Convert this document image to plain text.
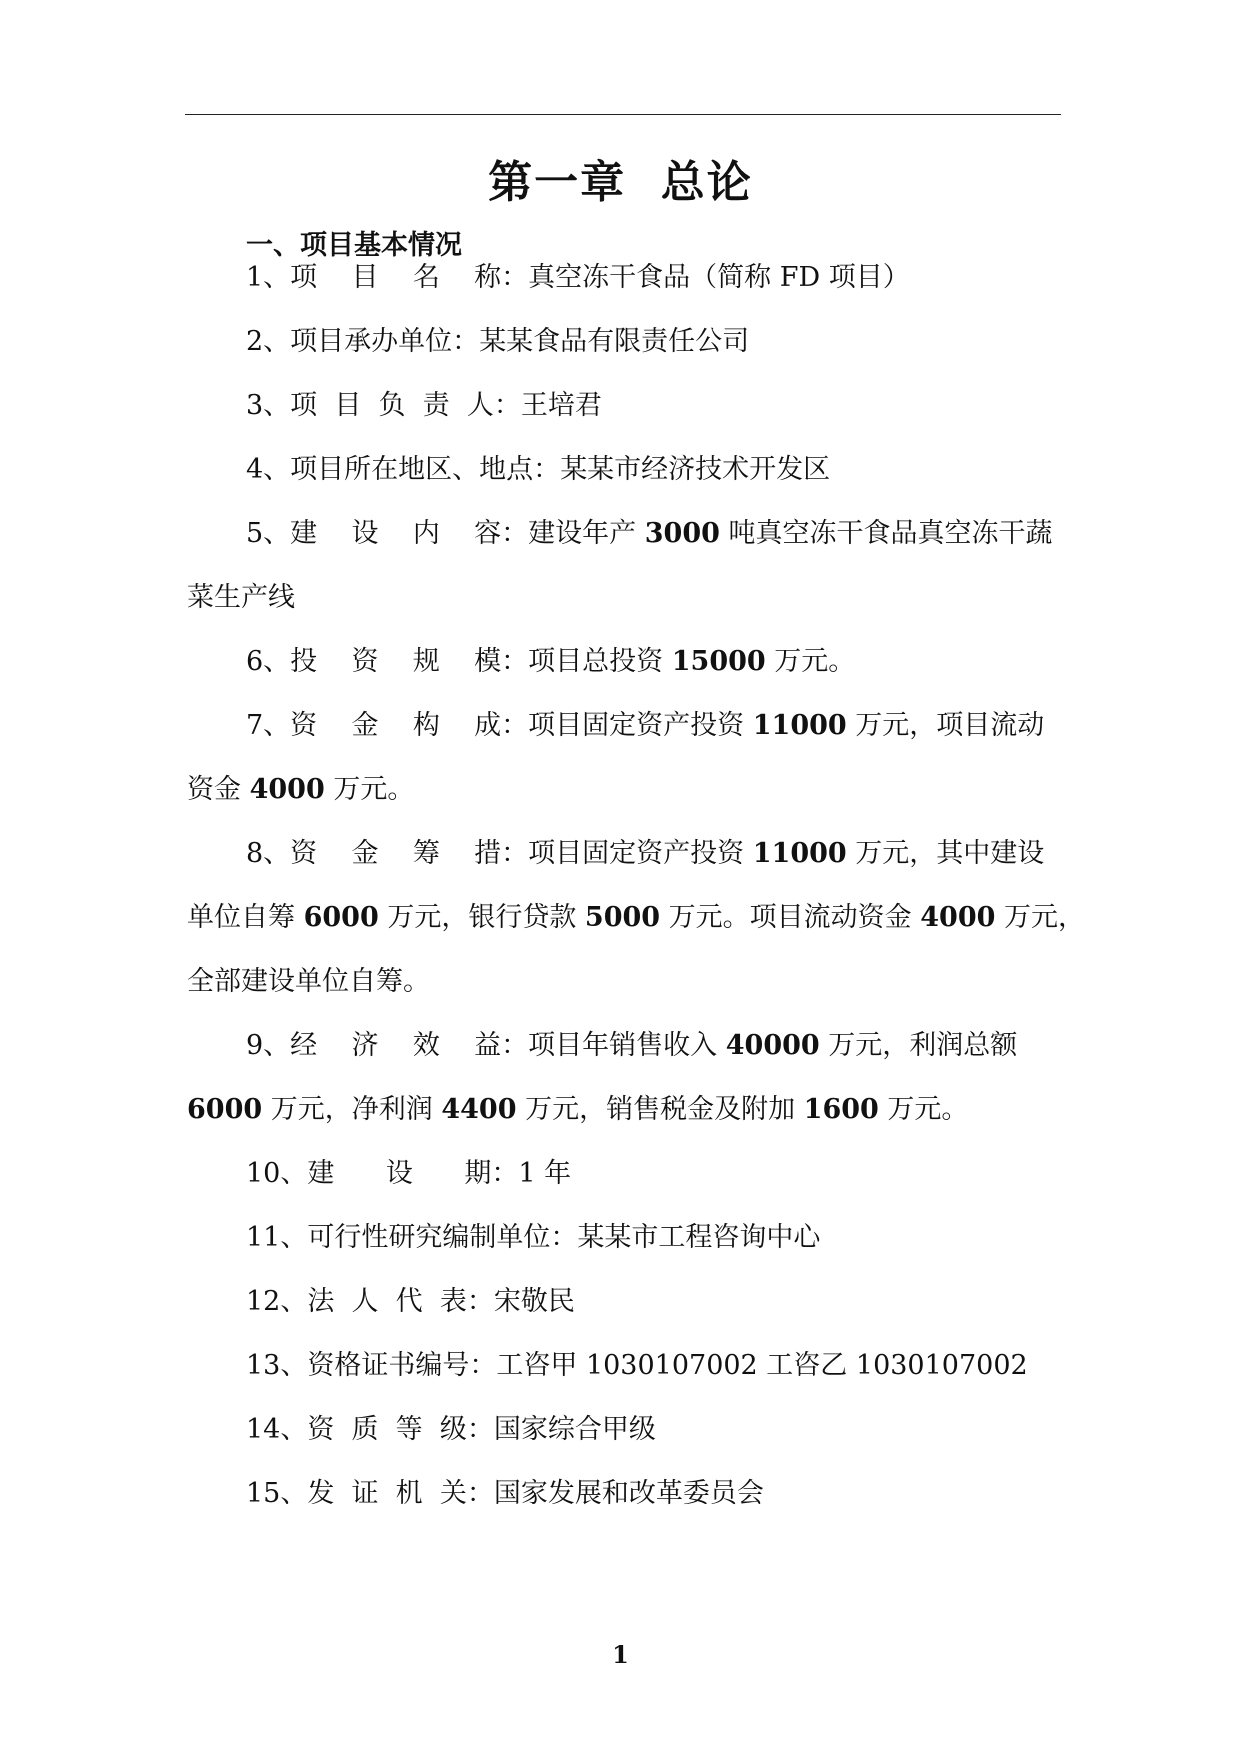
第一章  总论
一、项目基本情况
1、项    目    名    称：真空冻干食品（简称 FD 项目）
2、项目承办单位：某某食品有限责任公司
3、项  目  负  责  人：王培君
4、项目所在地区、地点：某某市经济技术开发区
5、建    设    内    容：建设年产 3000 吨真空冻干食品真空冻干蔬
菜生产线
6、投    资    规    模：项目总投资 15000 万元。
7、资    金    构    成：项目固定资产投资 11000 万元，项目流动
资金 4000 万元。
8、资    金    筹    措：项目固定资产投资 11000 万元，其中建设
单位自筹 6000 万元，银行贷款 5000 万元。项目流动资金 4000 万元，
全部建设单位自筹。
9、经    济    效    益：项目年销售收入 40000 万元，利润总额
6000 万元，净利润 4400 万元，销售税金及附加 1600 万元。
10、建      设      期：1 年
11、可行性研究编制单位：某某市工程咨询中心
12、法  人  代  表：宋敬民
13、资格证书编号：工咨甲 1030107002 工咨乙 1030107002
14、资  质  等  级：国家综合甲级
15、发  证  机  关：国家发展和改革委员会
1
